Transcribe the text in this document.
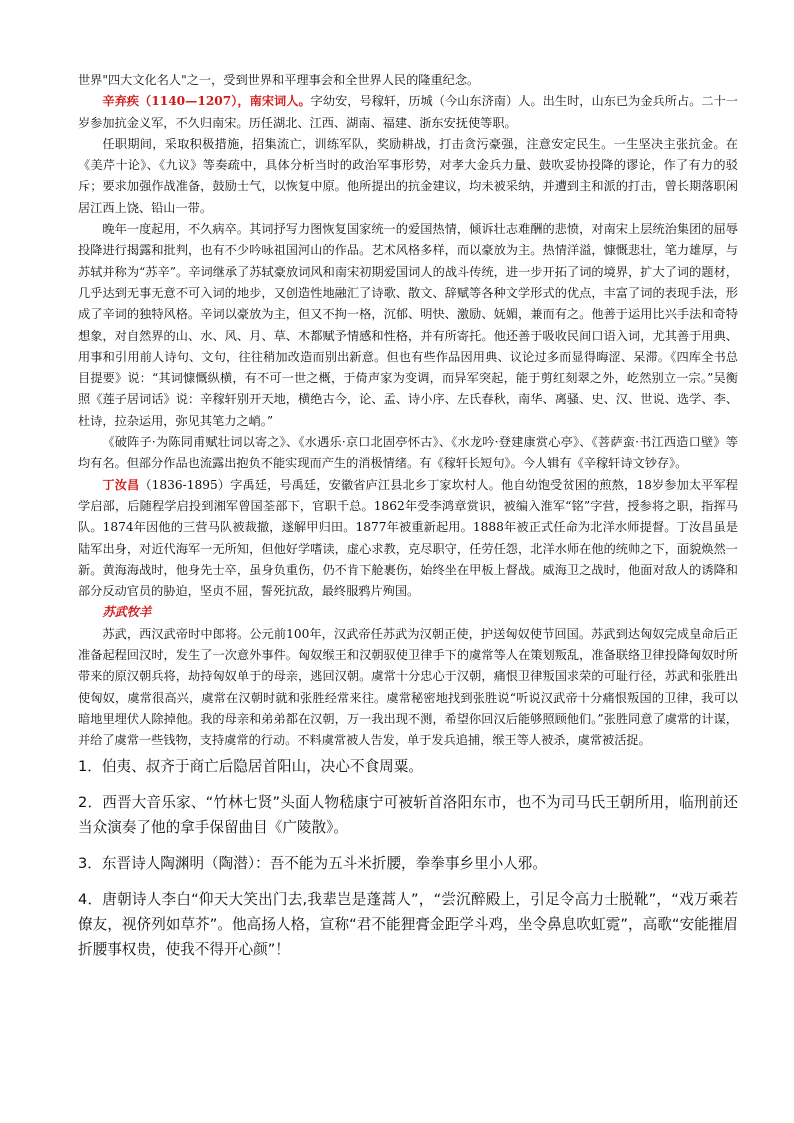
世界"四大文化名人"之一，受到世界和平理事会和全世界人民的隆重纪念。

辛弃疾（1140—1207），南宋词人。字幼安，号稼轩，历城（今山东济南）人。出生时，山东已为金兵所占。二十一岁参加抗金义军，不久归南宋。历任湖北、江西、湖南、福建、浙东安抚使等职。

任职期间，采取积极措施，招集流亡，训练军队，奖励耕战，打击贪污豪强，注意安定民生。一生坚决主张抗金。在《美芹十论》、《九议》等奏疏中，具体分析当时的政治军事形势，对孝大金兵力量、鼓吹妥协投降的谬论，作了有力的驳斥；要求加强作战准备，鼓励士气，以恢复中原。他所提出的抗金建议，均未被采纳，并遭到主和派的打击，曾长期落职闲居江西上饶、铅山一带。

晚年一度起用，不久病卒。其词抒写力图恢复国家统一的爱国热情，倾诉壮志难酬的悲愤，对南宋上层统治集团的屈辱投降进行揭露和批判，也有不少吟咏祖国河山的作品。艺术风格多样，而以豪放为主。热情洋溢，慷慨悲壮，笔力雄厚，与苏轼并称为“苏辛”。辛词继承了苏轼豪放词风和南宋初期爱国词人的战斗传统，进一步开拓了词的境界，扩大了词的题材，几乎达到无事无意不可入词的地步，又创造性地融汇了诗歌、散文、辞赋等各种文学形式的优点，丰富了词的表现手法，形成了辛词的独特风格。辛词以豪放为主，但又不拘一格，沉郁、明快、激励、妩媚，兼而有之。他善于运用比兴手法和奇特想象，对自然界的山、水、风、月、草、木都赋予情感和性格，并有所寄托。他还善于吸收民间口语入词，尤其善于用典、用事和引用前人诗句、文句，往往稍加改造而别出新意。但也有些作品因用典、议论过多而显得晦涩、呆滞。《四库全书总目提要》说：“其词慷慨纵横，有不可一世之概，于倚声家为变调，而异军突起，能于剪红刻翠之外，屹然别立一宗。”吴衡照《莲子居词话》说：辛稼轩别开天地，横绝古今，论、孟、诗小序、左氏春秋，南华、离骚、史、汉、世说、选学、李、杜诗，拉杂运用，弥见其笔力之峭。”

《破阵子·为陈同甫赋壮词以寄之》、《水遇乐·京口北固亭怀古》、《水龙吟·登建康赏心亭》、《菩萨蛮·书江西造口壁》等均有名。但部分作品也流露出抱负不能实现而产生的消极情绪。有《稼轩长短句》。今人辑有《辛稼轩诗文钞存》。

丁汝昌（1836-1895）字禹廷，号禹廷，安徽省庐江县北乡丁家坎村人。他自幼饱受贫困的煎熬，18岁参加太平军程学启部，后随程学启投到湘军曾国荃部下，官职千总。1862年受李鸿章赏识，被编入淮军“铭”字营，授参将之职，指挥马队。1874年因他的三营马队被裁撤，遂解甲归田。1877年被重新起用。1888年被正式任命为北洋水师提督。丁汝昌虽是陆军出身，对近代海军一无所知，但他好学嗜读，虚心求教，克尽职守，任劳任怨，北洋水师在他的统帅之下，面貌焕然一新。黄海海战时，他身先士卒，虽身负重伤，仍不肯下舱裹伤，始终坐在甲板上督战。威海卫之战时，他面对敌人的诱降和部分反动官员的胁迫，坚贞不屈，誓死抗敌，最终服鸦片殉国。

苏武牧羊

苏武，西汉武帝时中郎将。公元前100年，汉武帝任苏武为汉朝正使，护送匈奴使节回国。苏武到达匈奴完成皇命后正准备起程回汉时，发生了一次意外事件。匈奴缑王和汉朝驭使卫律手下的虞常等人在策划叛乱，准备联络卫律投降匈奴时所带来的原汉朝兵将，劫持匈奴单于的母亲，逃回汉朝。虞常十分忠心于汉朝，痛恨卫律叛国求荣的可耻行径，苏武和张胜出使匈奴，虞常很高兴，虞常在汉朝时就和张胜经常来往。虞常秘密地找到张胜说“听说汉武帝十分痛恨叛国的卫律，我可以暗地里埋伏人除掉他。我的母亲和弟弟都在汉朝，万一我出现不测，希望你回汉后能够照顾他们。”张胜同意了虞常的计谋，并给了虞常一些钱物，支持虞常的行动。不料虞常被人告发，单于发兵追捕，缑王等人被杀，虞常被活捉。

1．伯夷、叔齐于商亡后隐居首阳山，决心不食周粟。

2．西晋大音乐家、“竹林七贤”头面人物嵇康宁可被斩首洛阳东市，也不为司马氏王朝所用，临刑前还当众演奏了他的拿手保留曲目《广陵散》。

3．东晋诗人陶渊明（陶潜）：吾不能为五斗米折腰，拳拳事乡里小人邪。

4．唐朝诗人李白“仰天大笑出门去,我辈岂是蓬蒿人”，“尝沉醉殿上，引足令高力士脱靴”，“戏万乘若僚友，视侪列如草芥”。他高扬人格，宣称“君不能狸膏金距学斗鸡，坐令鼻息吹虹霓”，高歌“安能摧眉折腰事权贵，使我不得开心颜”！
